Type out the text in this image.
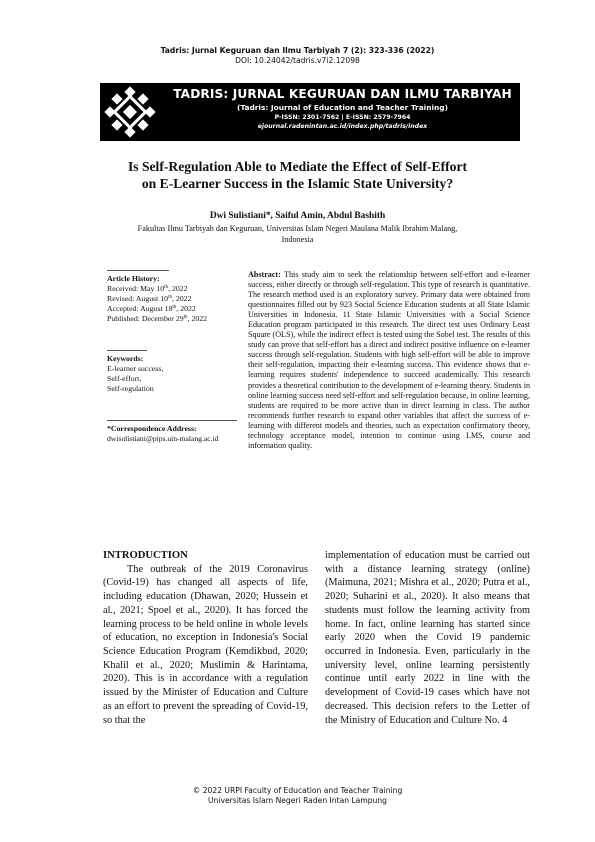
Tadris: Jurnal Keguruan dan Ilmu Tarbiyah 7 (2): 323-336 (2022)
DOI: 10.24042/tadris.v7i2.12098
TADRIS: JURNAL KEGURUAN DAN ILMU TARBIYAH
(Tadris: Journal of Education and Teacher Training)
P-ISSN: 2301-7562 | E-ISSN: 2579-7964
ejournal.radenintan.ac.id/index.php/tadris/index
Is Self-Regulation Able to Mediate the Effect of Self-Effort
on E-Learner Success in the Islamic State University?
Dwi Sulistiani*, Saiful Amin, Abdul Bashith
Fakultas Ilmu Tarbiyah dan Keguruan, Universitas Islam Negeri Maulana Malik Ibrahim Malang,
Indonesia
Article History:
Received: May 10th, 2022
Revised: August 10th, 2022
Accepted: August 18th, 2022
Published: December 29th, 2022
Keywords:
E-learner success,
Self-effort,
Self-regulation
*Correspondence Address:
dwisulistiani@pips.uin-malang.ac.id
Abstract: This study aim to seek the relationship between self-effort and e-learner success, either directly or through self-regulation. This type of research is quantitative. The research method used is an exploratory survey. Primary data were obtained from questionnaires filled out by 923 Social Science Education students at all State Islamic Universities in Indonesia. 11 State Islamic Universities with a Social Science Education program participated in this research. The direct test uses Ordinary Least Square (OLS), while the indirect effect is tested using the Sobel test. The results of this study can prove that self-effort has a direct and indirect positive influence on e-learner success through self-regulation. Students with high self-effort will be able to improve their self-regulation, impacting their e-learning success. This evidence shows that e-learning requires students' independence to succeed academically. This research provides a theoretical contribution to the development of e-learning theory. Students in online learning success need self-effort and self-regulation because, in online learning, students are required to be more active than in direct learning in class. The author recommends further research to expand other variables that affect the success of e-learning with different models and theories, such as expectation confirmatory theory, technology acceptance model, intention to continue using LMS, course and information quality.
INTRODUCTION
The outbreak of the 2019 Coronavirus (Covid-19) has changed all aspects of life, including education (Dhawan, 2020; Hussein et al., 2021; Spoel et al., 2020). It has forced the learning process to be held online in whole levels of education, no exception in Indonesia's Social Science Education Program (Kemdikbud, 2020; Khalil et al., 2020; Muslimin & Harintama, 2020). This is in accordance with a regulation issued by the Minister of Education and Culture as an effort to prevent the spreading of Covid-19, so that the
implementation of education must be carried out with a distance learning strategy (online) (Maimuna, 2021; Mishra et al., 2020; Putra et al., 2020; Suharini et al., 2020). It also means that students must follow the learning activity from home. In fact, online learning has started since early 2020 when the Covid 19 pandemic occurred in Indonesia. Even, particularly in the university level, online learning persistently continue until early 2022 in line with the development of Covid-19 cases which have not decreased. This decision refers to the Letter of the Ministry of Education and Culture No. 4
© 2022 URPI Faculty of Education and Teacher Training
Universitas Islam Negeri Raden Intan Lampung
